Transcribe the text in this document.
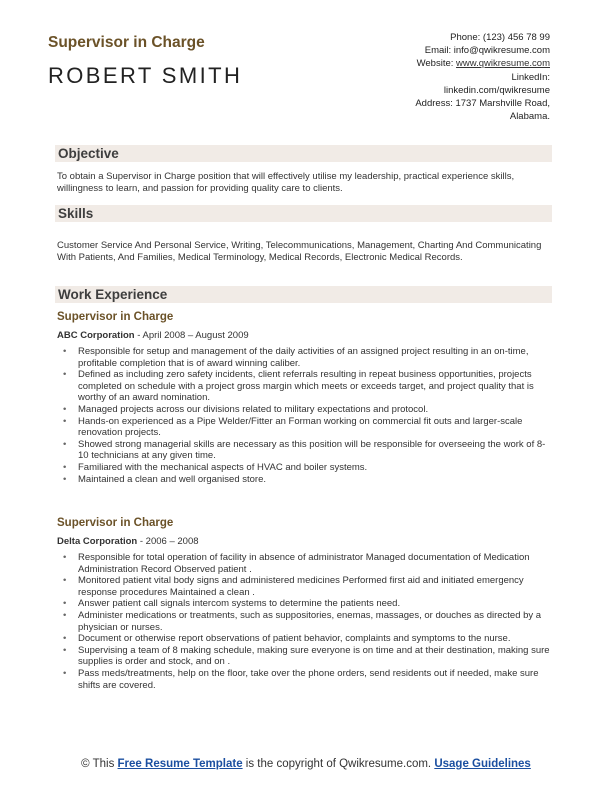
Supervisor in Charge
ROBERT SMITH
Phone: (123) 456 78 99
Email: info@qwikresume.com
Website: www.qwikresume.com
LinkedIn:
linkedin.com/qwikresume
Address: 1737 Marshville Road,
Alabama.
Objective
To obtain a Supervisor in Charge position that will effectively utilise my leadership, practical experience skills, willingness to learn, and passion for providing quality care to clients.
Skills
Customer Service And Personal Service, Writing, Telecommunications, Management, Charting And Communicating With Patients, And Families, Medical Terminology, Medical Records, Electronic Medical Records.
Work Experience
Supervisor in Charge
ABC Corporation - April 2008 – August 2009
• Responsible for setup and management of the daily activities of an assigned project resulting in an on-time, profitable completion that is of award winning caliber.
• Defined as including zero safety incidents, client referrals resulting in repeat business opportunities, projects completed on schedule with a project gross margin which meets or exceeds target, and project quality that is worthy of an award nomination.
• Managed projects across our divisions related to military expectations and protocol.
• Hands-on experienced as a Pipe Welder/Fitter an Forman working on commercial fit outs and larger-scale renovation projects.
• Showed strong managerial skills are necessary as this position will be responsible for overseeing the work of 8-10 technicians at any given time.
• Familiared with the mechanical aspects of HVAC and boiler systems.
• Maintained a clean and well organised store.
Supervisor in Charge
Delta Corporation - 2006 – 2008
• Responsible for total operation of facility in absence of administrator Managed documentation of Medication Administration Record Observed patient .
• Monitored patient vital body signs and administered medicines Performed first aid and initiated emergency response procedures Maintained a clean .
• Answer patient call signals intercom systems to determine the patients need.
• Administer medications or treatments, such as suppositories, enemas, massages, or douches as directed by a physician or nurses.
• Document or otherwise report observations of patient behavior, complaints and symptoms to the nurse.
• Supervising a team of 8 making schedule, making sure everyone is on time and at their destination, making sure supplies is order and stock, and on .
• Pass meds/treatments, help on the floor, take over the phone orders, send residents out if needed, make sure shifts are covered.
© This Free Resume Template is the copyright of Qwikresume.com. Usage Guidelines
